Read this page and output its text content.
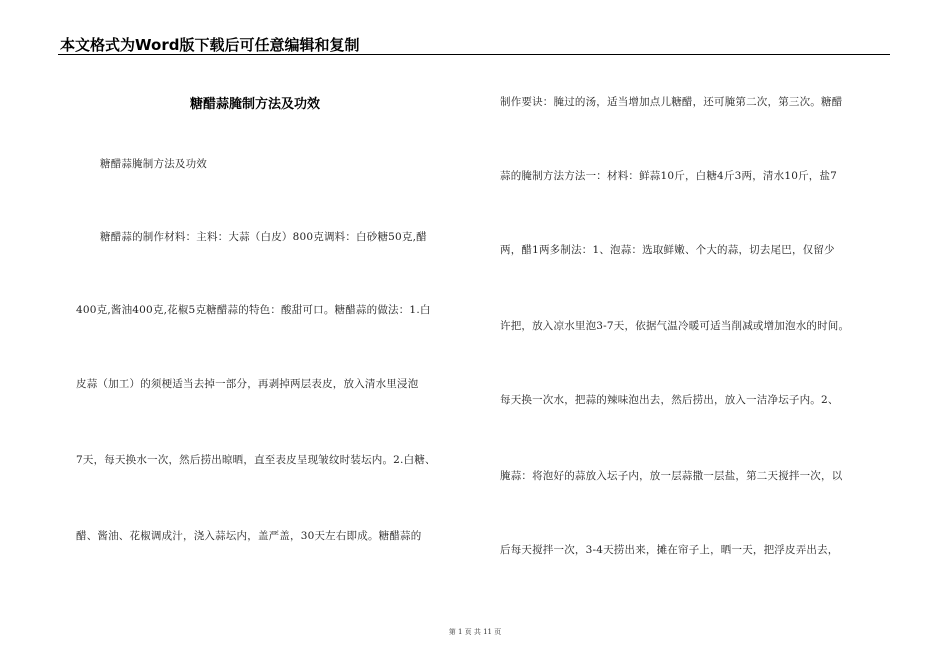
本文格式为Word版下载后可任意编辑和复制
糖醋蒜腌制方法及功效
糖醋蒜腌制方法及功效
糖醋蒜的制作材料：主料：大蒜（白皮）800克调料：白砂糖50克,醋
400克,酱油400克,花椒5克糖醋蒜的特色：酸甜可口。糖醋蒜的做法：1.白
皮蒜（加工）的须梗适当去掉一部分，再剥掉两层表皮，放入清水里浸泡
7天，每天换水一次，然后捞出晾晒，直至表皮呈现皱纹时装坛内。2.白糖、
醋、酱油、花椒调成汁，浇入蒜坛内，盖严盖，30天左右即成。糖醋蒜的
制作要诀：腌过的汤，适当增加点儿糖醋，还可腌第二次，第三次。糖醋
蒜的腌制方法方法一：材料：鲜蒜10斤，白糖4斤3两，清水10斤，盐7
两，醋1两多制法：1、泡蒜：选取鲜嫩、个大的蒜，切去尾巴，仅留少
许把，放入凉水里泡3-7天，依据气温冷暖可适当削减或增加泡水的时间。
每天换一次水，把蒜的辣味泡出去，然后捞出，放入一洁净坛子内。2、
腌蒜：将泡好的蒜放入坛子内，放一层蒜撒一层盐，第二天搅拌一次，以
后每天搅拌一次，3-4天捞出来，摊在帘子上，晒一天，把浮皮弄出去，
第 1 页 共 11 页
